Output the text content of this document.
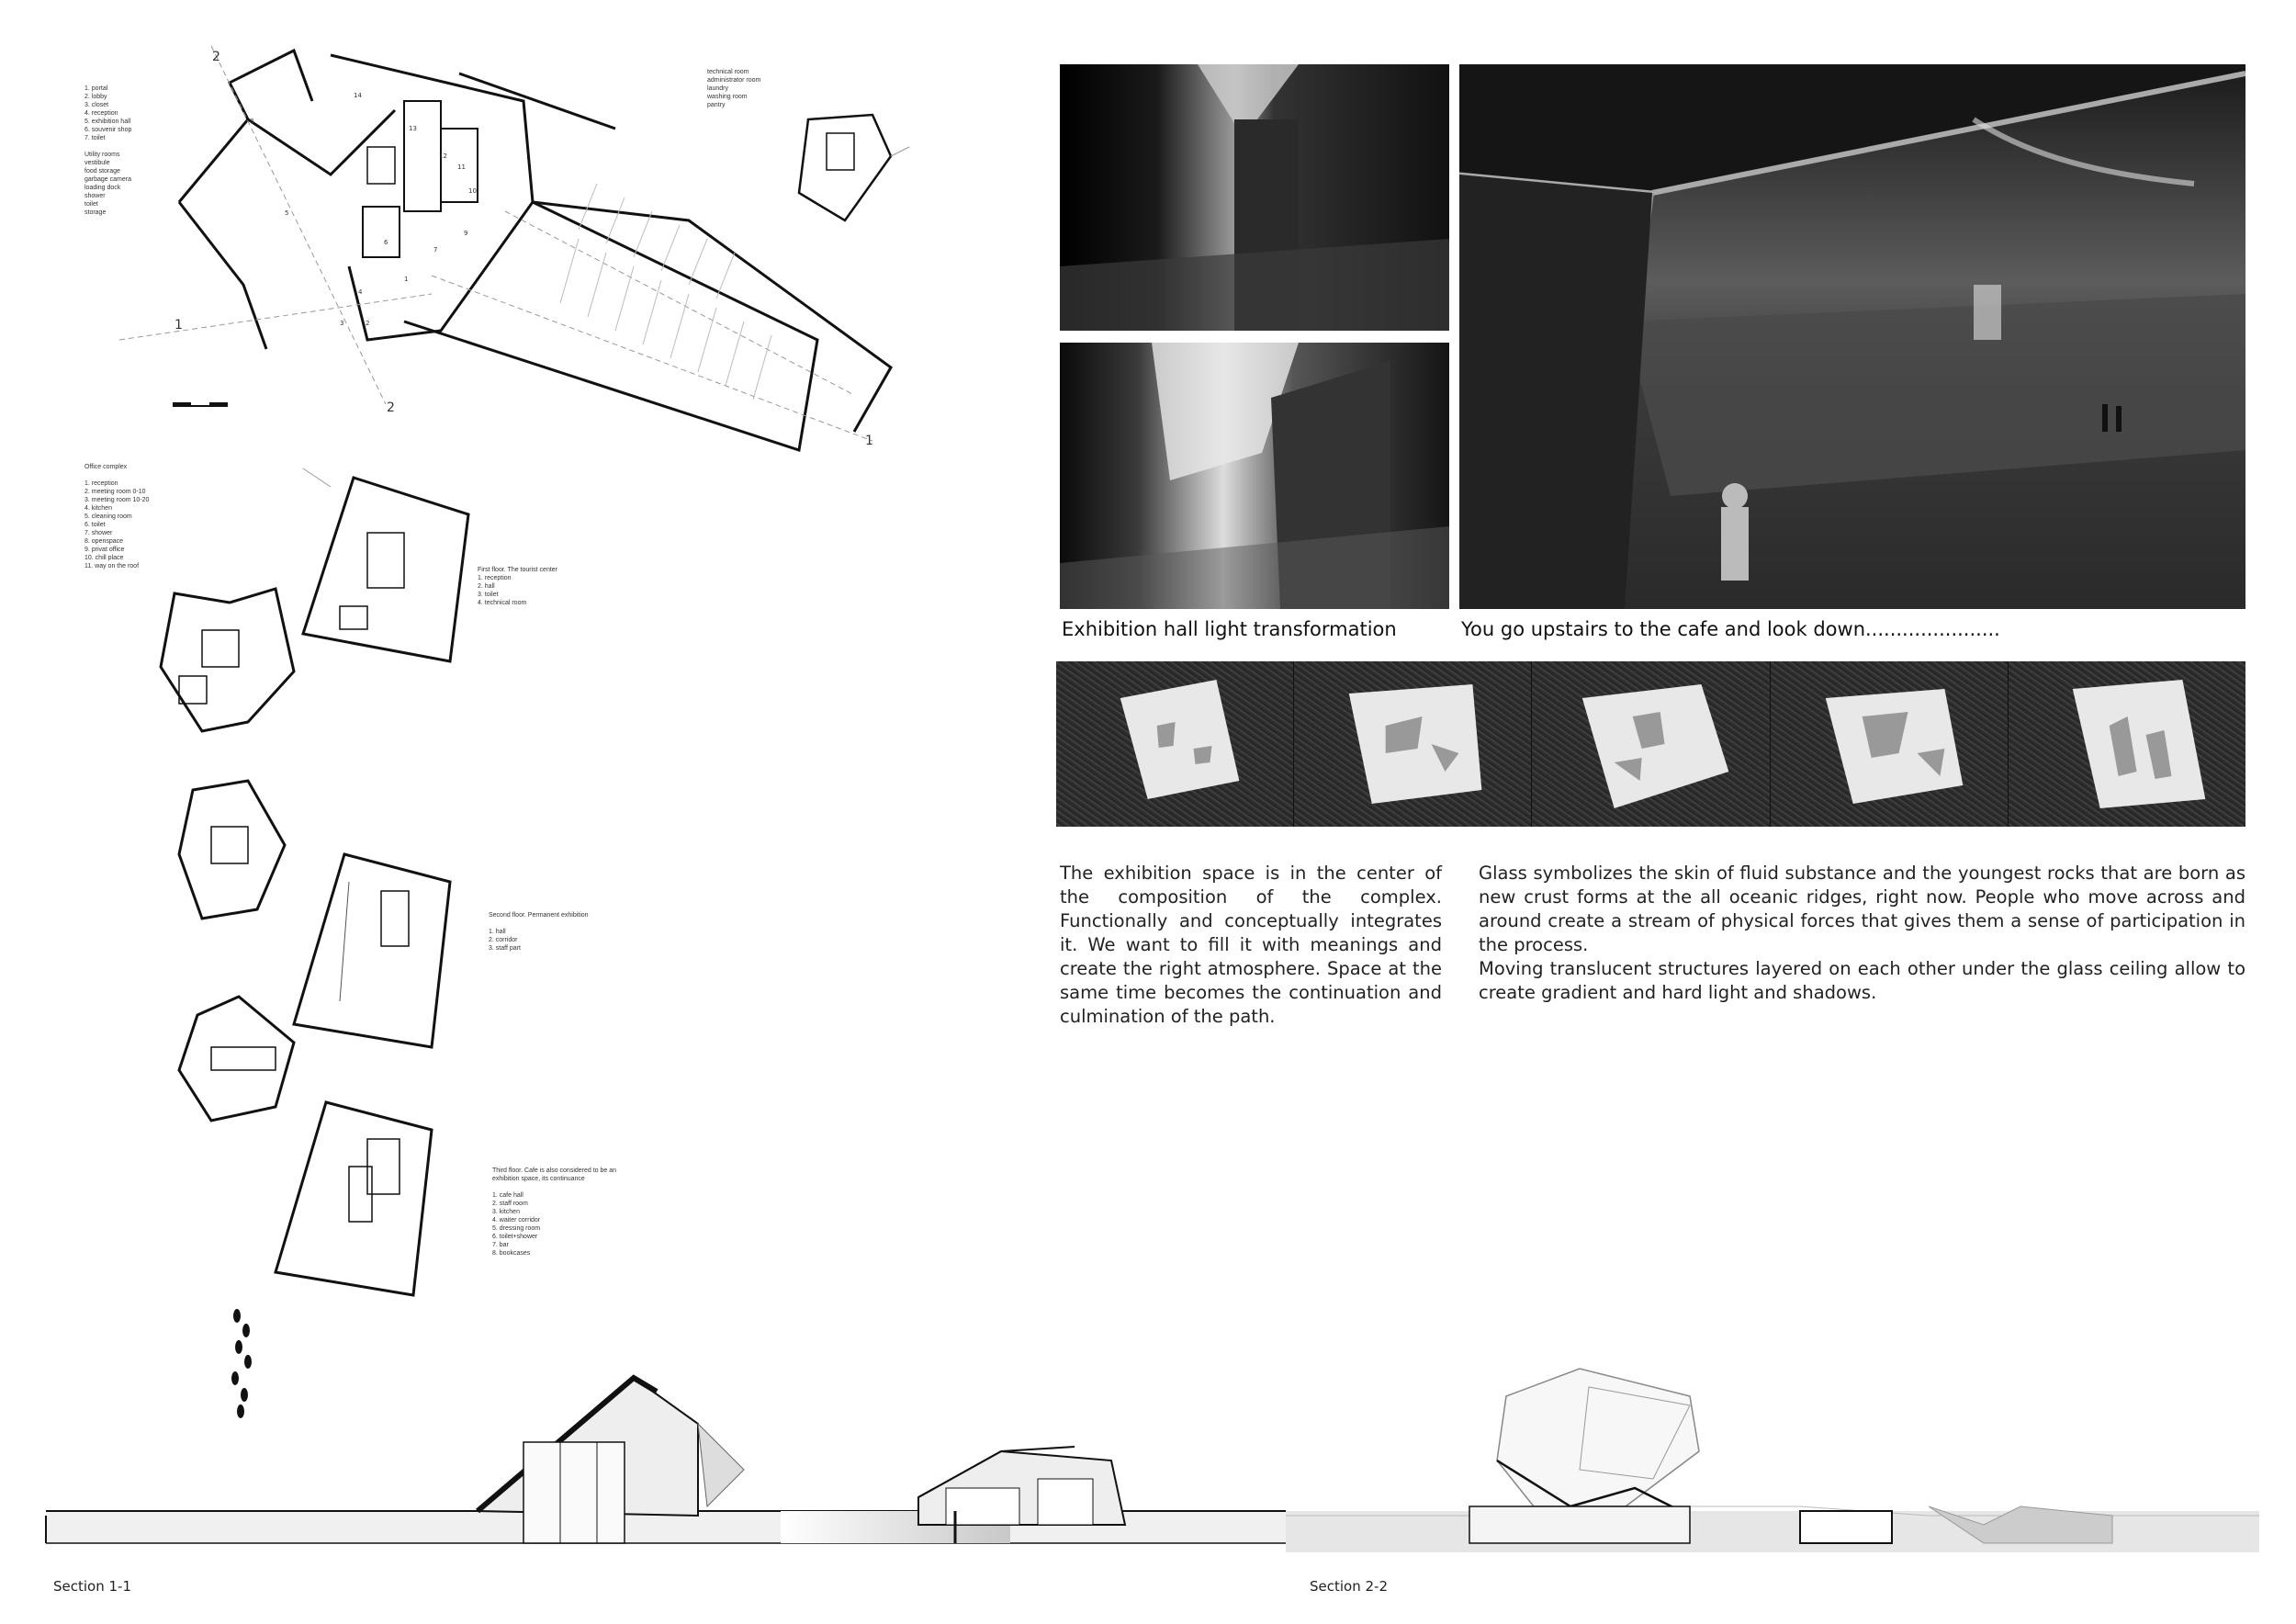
1. portal
2. lobby
3. closet
4. reception
5. exhibition hall
6. souvenir shop
7. toilet

Utility rooms
vestibule
food storage
garbage camera
loading dock
shower
toilet
storage
technical room
administrator room
laundry
washing room
pantry
Office complex

1. reception
2. meeting room 0-10
3. meeting room 10-20
4. kitchen
5. cleaning room
6. toilet
7. shower
8. openspace
9. privat office
10. chill place
11. way on the roof
First floor. The tourist center
1. reception
2. hall
3. toilet
4. technical room
Second floor. Permanent exhibition

1. hall
2. corridor
3. staff part
Third floor. Cafe is also considered to be an
exhibition space, its continuance

1. cafe hall
2. staff room
3. kitchen
4. waiter corridor
5. dressing room
6. toilet+shower
7. bar
8. bookcases
2
2
1
1
8
14
13
12
11
10
9
5
6
2
3
4
1
7
Exhibition hall light transformation	You go upstairs to the cafe and look down......................

The exhibition space is in the center of the composition of the complex. Functionally and conceptually integrates it. We want to fill it with meanings and create the right atmosphere. Space at the same time becomes the continuation and culmination of the path.

Glass symbolizes the skin of fluid substance and the youngest rocks that are born as new crust forms at the all oceanic ridges, right now. People who move across and around create a stream of physical forces that gives them a sense of participation in the process.

Moving translucent structures layered on each other under the glass ceiling allow to create gradient and hard light and shadows.

Section 1-1	Section 2-2
